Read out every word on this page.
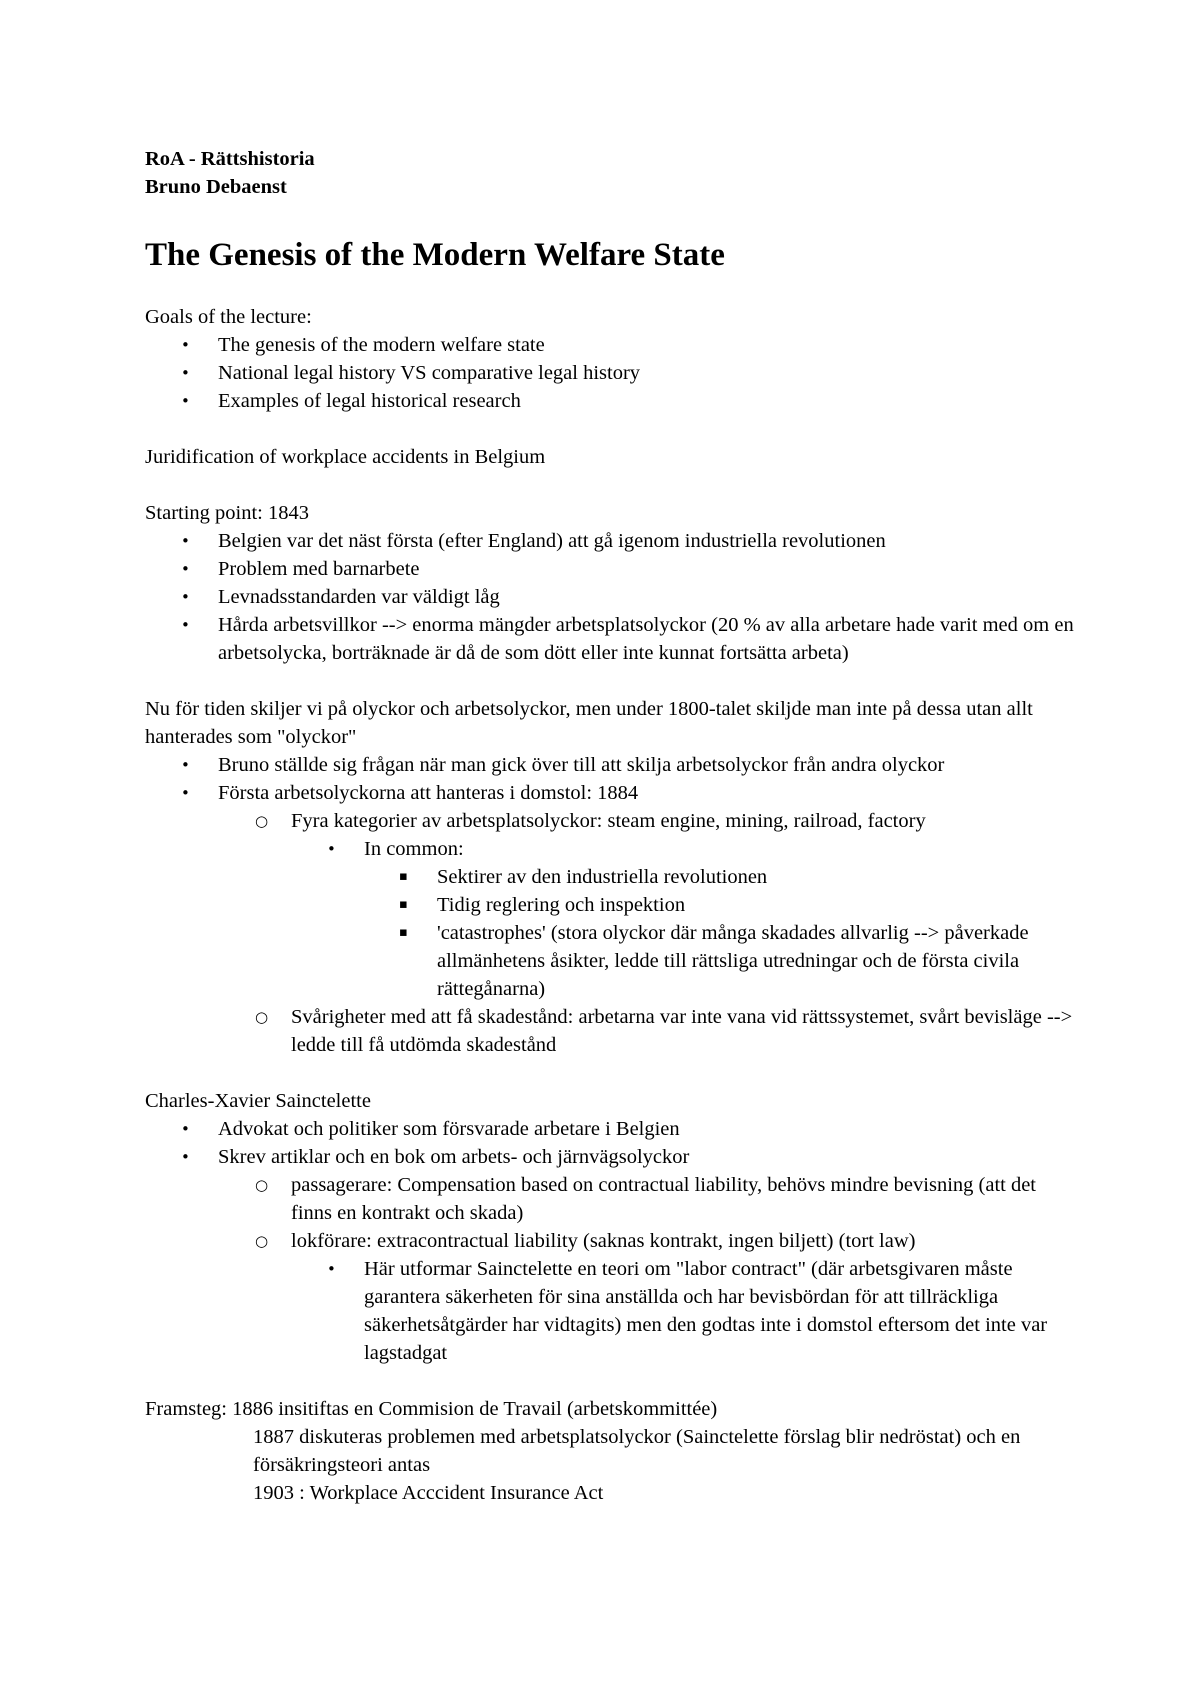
RoA - Rättshistoria

Bruno Debaenst

The Genesis of the Modern Welfare State

Goals of the lecture:

• The genesis of the modern welfare state
• National legal history VS comparative legal history
• Examples of legal historical research

Juridification of workplace accidents in Belgium

Starting point: 1843

• Belgien var det näst första (efter England) att gå igenom industriella revolutionen
• Problem med barnarbete
• Levnadsstandarden var väldigt låg
• Hårda arbetsvillkor --> enorma mängder arbetsplatsolyckor (20 % av alla arbetare hade varit med om en arbetsolycka, borträknade är då de som dött eller inte kunnat fortsätta arbeta)

Nu för tiden skiljer vi på olyckor och arbetsolyckor, men under 1800-talet skiljde man inte på dessa utan allt hanterades som "olyckor"

• Bruno ställde sig frågan när man gick över till att skilja arbetsolyckor från andra olyckor
• Första arbetsolyckorna att hanteras i domstol: 1884
○ Fyra kategorier av arbetsplatsolyckor: steam engine, mining, railroad, factory
• In common:
▪ Sektirer av den industriella revolutionen
▪ Tidig reglering och inspektion
▪ 'catastrophes' (stora olyckor där många skadades allvarlig --> påverkade allmänhetens åsikter, ledde till rättsliga utredningar och de första civila rättegånarna)
○ Svårigheter med att få skadestånd: arbetarna var inte vana vid rättssystemet, svårt bevisläge --> ledde till få utdömda skadestånd

Charles-Xavier Sainctelette

• Advokat och politiker som försvarade arbetare i Belgien
• Skrev artiklar och en bok om arbets- och järnvägsolyckor
○ passagerare: Compensation based on contractual liability, behövs mindre bevisning (att det finns en kontrakt och skada)
○ lokförare: extracontractual liability (saknas kontrakt, ingen biljett) (tort law)
• Här utformar Sainctelette en teori om "labor contract" (där arbetsgivaren måste garantera säkerheten för sina anställda och har bevisbördan för att tillräckliga säkerhetsåtgärder har vidtagits) men den godtas inte i domstol eftersom det inte var lagstadgat

Framsteg: 1886 insitiftas en Commision de Travail (arbetskommittée)

1887 diskuteras problemen med arbetsplatsolyckor (Sainctelette förslag blir nedröstat) och en försäkringsteori antas

1903 : Workplace Acccident Insurance Act
